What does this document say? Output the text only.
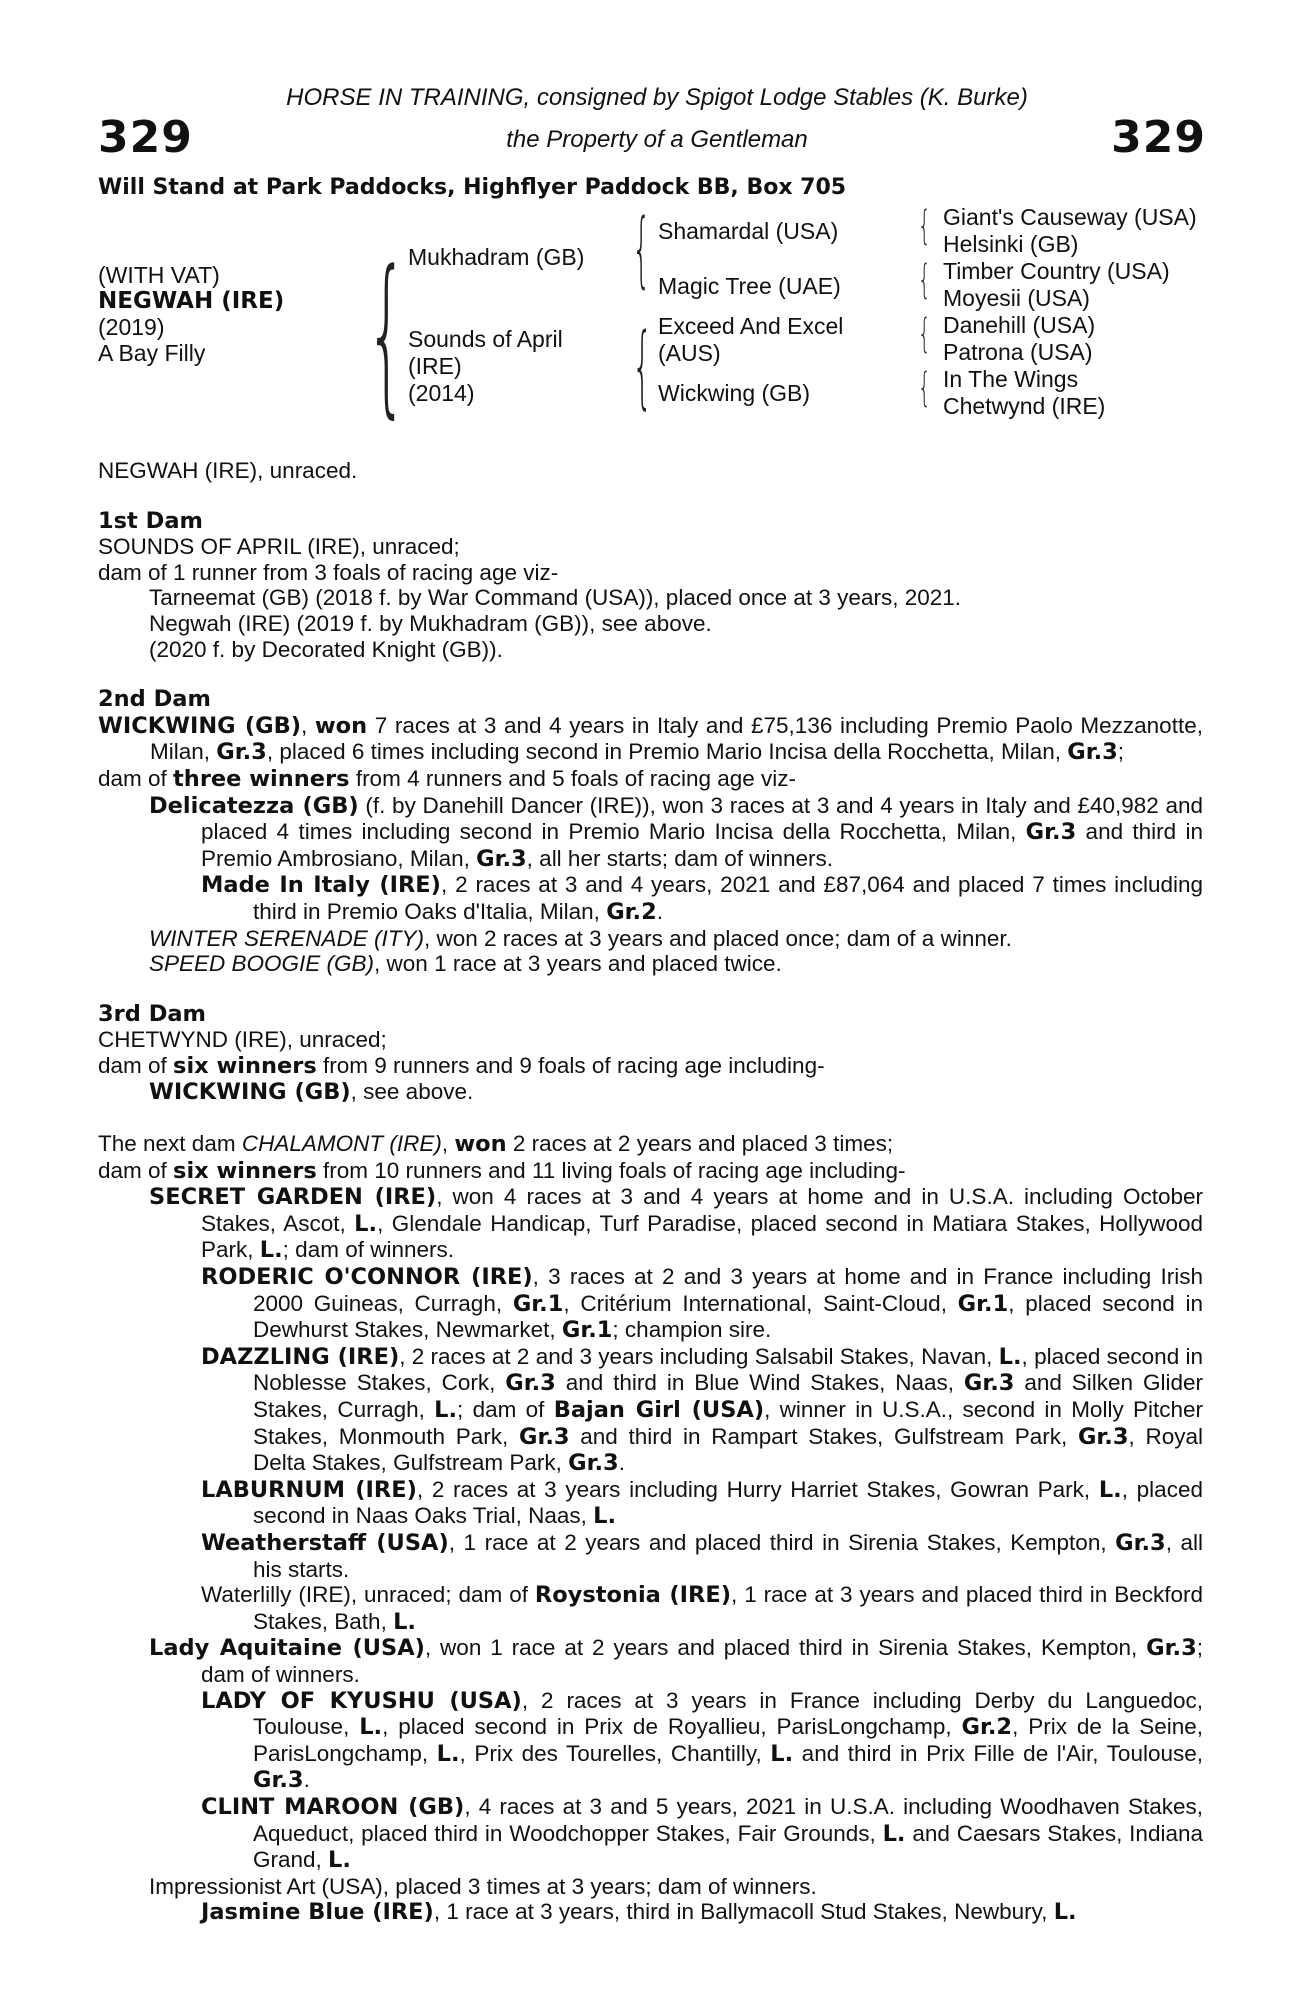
329	329
HORSE IN TRAINING, consigned by Spigot Lodge Stables (K. Burke)
the Property of a Gentleman
Will Stand at Park Paddocks, Highflyer Paddock BB, Box 705
(WITH VAT)
NEGWAH (IRE)
(2019)
A Bay Filly { Mukhadram (GB)
Sounds of April
(IRE)
(2014)
{ Shamardal (USA)
Magic Tree (UAE)
{ Exceed And Excel
(AUS)
Wickwing (GB)
{
{
{
{
Giant's Causeway (USA)
Helsinki (GB)
Timber Country (USA)
Moyesii (USA)
Danehill (USA)
Patrona (USA)
In The Wings
Chetwynd (IRE)

NEGWAH (IRE), unraced.

1st Dam

SOUNDS OF APRIL (IRE), unraced;

dam of 1 runner from 3 foals of racing age viz-

Tarneemat (GB) (2018 f. by War Command (USA)), placed once at 3 years, 2021.

Negwah (IRE) (2019 f. by Mukhadram (GB)), see above.

(2020 f. by Decorated Knight (GB)).

2nd Dam

WICKWING (GB), won 7 races at 3 and 4 years in Italy and £75,136 including Premio Paolo Mezzanotte, Milan, Gr.3, placed 6 times including second in Premio Mario Incisa della Rocchetta, Milan, Gr.3;

dam of three winners from 4 runners and 5 foals of racing age viz-

Delicatezza (GB) (f. by Danehill Dancer (IRE)), won 3 races at 3 and 4 years in Italy and £40,982 and placed 4 times including second in Premio Mario Incisa della Rocchetta, Milan, Gr.3 and third in Premio Ambrosiano, Milan, Gr.3, all her starts; dam of winners.

Made In Italy (IRE), 2 races at 3 and 4 years, 2021 and £87,064 and placed 7 times including third in Premio Oaks d'Italia, Milan, Gr.2.

WINTER SERENADE (ITY), won 2 races at 3 years and placed once; dam of a winner.

SPEED BOOGIE (GB), won 1 race at 3 years and placed twice.

3rd Dam

CHETWYND (IRE), unraced;

dam of six winners from 9 runners and 9 foals of racing age including-

WICKWING (GB), see above.

The next dam CHALAMONT (IRE), won 2 races at 2 years and placed 3 times;

dam of six winners from 10 runners and 11 living foals of racing age including-

SECRET GARDEN (IRE), won 4 races at 3 and 4 years at home and in U.S.A. including October Stakes, Ascot, L., Glendale Handicap, Turf Paradise, placed second in Matiara Stakes, Hollywood Park, L.; dam of winners.

RODERIC O'CONNOR (IRE), 3 races at 2 and 3 years at home and in France including Irish 2000 Guineas, Curragh, Gr.1, Critérium International, Saint-Cloud, Gr.1, placed second in Dewhurst Stakes, Newmarket, Gr.1; champion sire.

DAZZLING (IRE), 2 races at 2 and 3 years including Salsabil Stakes, Navan, L., placed second in Noblesse Stakes, Cork, Gr.3 and third in Blue Wind Stakes, Naas, Gr.3 and Silken Glider Stakes, Curragh, L.; dam of Bajan Girl (USA), winner in U.S.A., second in Molly Pitcher Stakes, Monmouth Park, Gr.3 and third in Rampart Stakes, Gulfstream Park, Gr.3, Royal Delta Stakes, Gulfstream Park, Gr.3.

LABURNUM (IRE), 2 races at 3 years including Hurry Harriet Stakes, Gowran Park, L., placed second in Naas Oaks Trial, Naas, L.

Weatherstaff (USA), 1 race at 2 years and placed third in Sirenia Stakes, Kempton, Gr.3, all his starts.

Waterlilly (IRE), unraced; dam of Roystonia (IRE), 1 race at 3 years and placed third in Beckford Stakes, Bath, L.

Lady Aquitaine (USA), won 1 race at 2 years and placed third in Sirenia Stakes, Kempton, Gr.3; dam of winners.

LADY OF KYUSHU (USA), 2 races at 3 years in France including Derby du Languedoc, Toulouse, L., placed second in Prix de Royallieu, ParisLongchamp, Gr.2, Prix de la Seine, ParisLongchamp, L., Prix des Tourelles, Chantilly, L. and third in Prix Fille de l'Air, Toulouse, Gr.3.

CLINT MAROON (GB), 4 races at 3 and 5 years, 2021 in U.S.A. including Woodhaven Stakes, Aqueduct, placed third in Woodchopper Stakes, Fair Grounds, L. and Caesars Stakes, Indiana Grand, L.

Impressionist Art (USA), placed 3 times at 3 years; dam of winners.

Jasmine Blue (IRE), 1 race at 3 years, third in Ballymacoll Stud Stakes, Newbury, L.
